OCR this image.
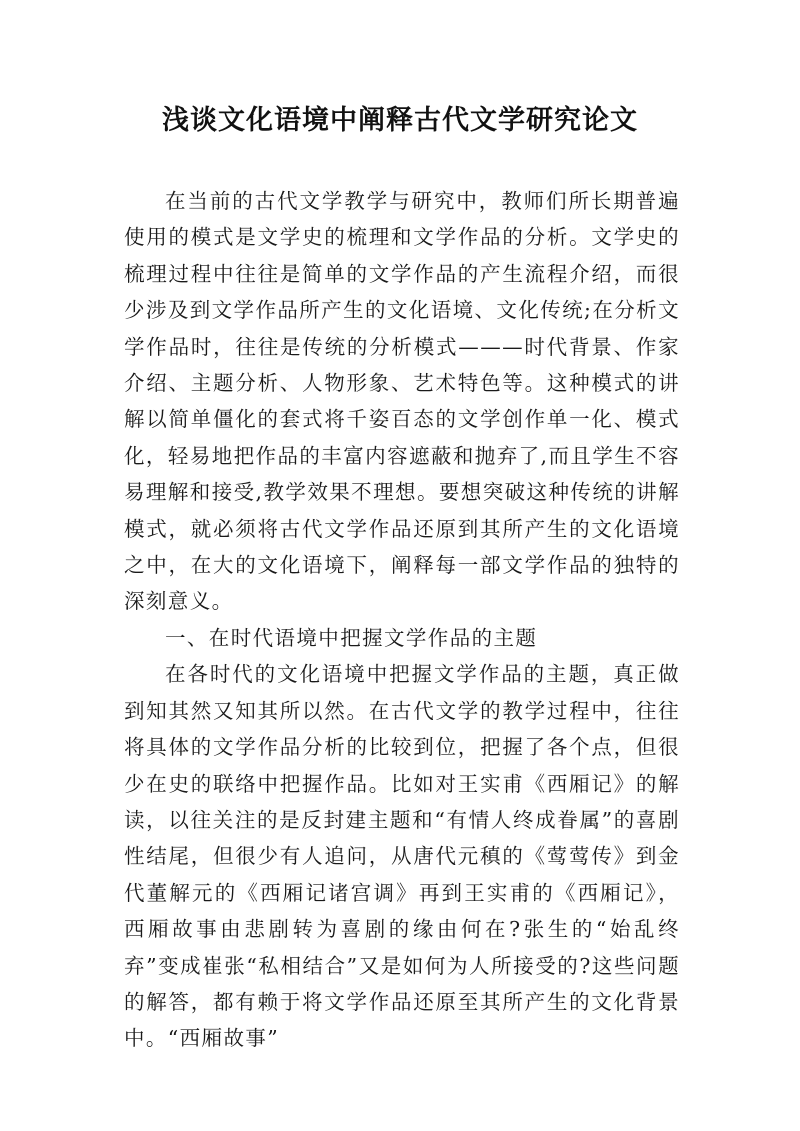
浅谈文化语境中阐释古代文学研究论文

在当前的古代文学教学与研究中，教师们所长期普遍使用的模式是文学史的梳理和文学作品的分析。文学史的梳理过程中往往是简单的文学作品的产生流程介绍，而很少涉及到文学作品所产生的文化语境、文化传统;在分析文学作品时，往往是传统的分析模式———时代背景、作家介绍、主题分析、人物形象、艺术特色等。这种模式的讲解以简单僵化的套式将千姿百态的文学创作单一化、模式化，轻易地把作品的丰富内容遮蔽和抛弃了,而且学生不容易理解和接受,教学效果不理想。要想突破这种传统的讲解模式，就必须将古代文学作品还原到其所产生的文化语境之中，在大的文化语境下，阐释每一部文学作品的独特的深刻意义。

一、在时代语境中把握文学作品的主题

在各时代的文化语境中把握文学作品的主题，真正做到知其然又知其所以然。在古代文学的教学过程中，往往将具体的文学作品分析的比较到位，把握了各个点，但很少在史的联络中把握作品。比如对王实甫《西厢记》的解读，以往关注的是反封建主题和“有情人终成眷属”的喜剧性结尾，但很少有人追问，从唐代元稹的《莺莺传》到金代董解元的《西厢记诸宫调》再到王实甫的《西厢记》，西厢故事由悲剧转为喜剧的缘由何在?张生的“始乱终弃”变成崔张“私相结合”又是如何为人所接受的?这些问题的解答，都有赖于将文学作品还原至其所产生的文化背景中。“西厢故事”
